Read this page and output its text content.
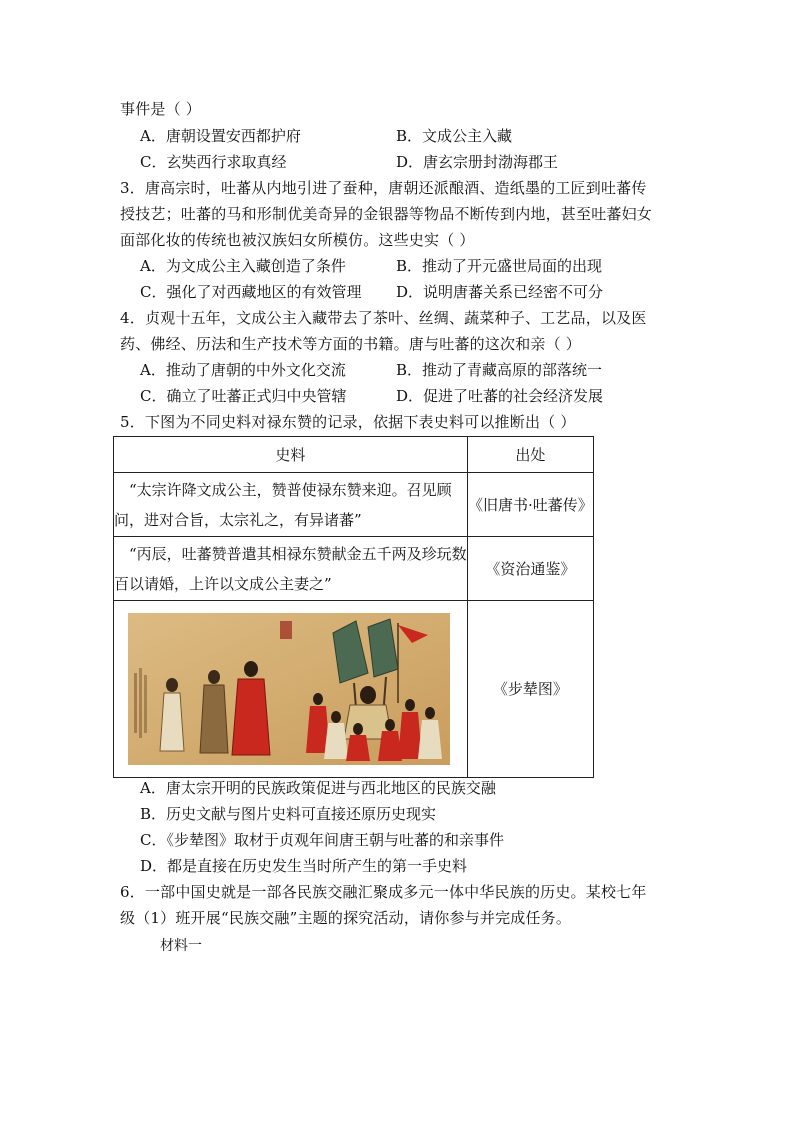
事件是（ ）
A．唐朝设置安西都护府	B．文成公主入藏
C．玄奘西行求取真经	D．唐玄宗册封渤海郡王
3．唐高宗时，吐蕃从内地引进了蚕种，唐朝还派酿酒、造纸墨的工匠到吐蕃传
授技艺；吐蕃的马和形制优美奇异的金银器等物品不断传到内地，甚至吐蕃妇女
面部化妆的传统也被汉族妇女所模仿。这些史实（ ）
A．为文成公主入藏创造了条件	B．推动了开元盛世局面的出现
C．强化了对西藏地区的有效管理 D．说明唐蕃关系已经密不可分
4．贞观十五年，文成公主入藏带去了茶叶、丝绸、蔬菜种子、工艺品，以及医
药、佛经、历法和生产技术等方面的书籍。唐与吐蕃的这次和亲（ ）
A．推动了唐朝的中外文化交流	B．推动了青藏高原的部落统一
C．确立了吐蕃正式归中央管辖	D．促进了吐蕃的社会经济发展
5．下图为不同史料对禄东赞的记录，依据下表史料可以推断出（ ）
史料	出处
“太宗许降文成公主，赞普使禄东赞来迎。召见顾问，进对合旨，太宗礼之，有异诸蕃”	《旧唐书·吐蕃传》
“丙辰，吐蕃赞普遣其相禄东赞献金五千两及珍玩数百以请婚，上许以文成公主妻之”	《资治通鉴》

	《步辇图》
A．唐太宗开明的民族政策促进与西北地区的民族交融
B．历史文献与图片史料可直接还原历史现实
C．《步辇图》取材于贞观年间唐王朝与吐蕃的和亲事件
D．都是直接在历史发生当时所产生的第一手史料
6．一部中国史就是一部各民族交融汇聚成多元一体中华民族的历史。某校七年
级（1）班开展“民族交融”主题的探究活动，请你参与并完成任务。
材料一
